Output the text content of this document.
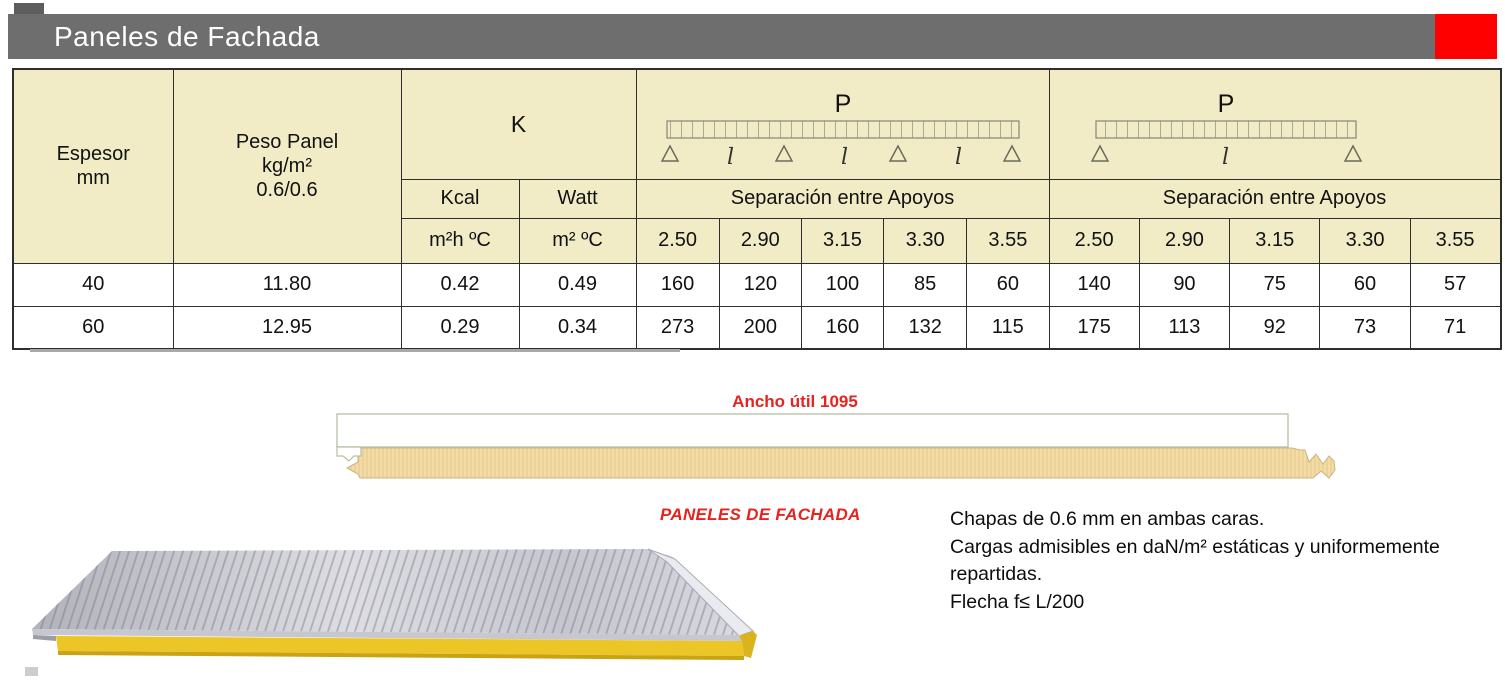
Paneles de Fachada
Espesor
mm

Peso Panel
kg/m²
0.6/0.6
	K	
P
l	l	l

P
l

		Kcal	Watt	Separación entre Apoyos					Separación entre Apoyos				
		m²h ºC	m² ºC	2.50	2.90	3.15	3.30	3.55	2.50	2.90	3.15	3.30	3.55
40	11.80	0.42	0.49	160	120	100	85	60	140	90	75	60	57
60	12.95	0.29	0.34	273	200	160	132	115	175	113	92	73	71
Ancho útil 1095
PANELES DE FACHADA	Chapas de 0.6 mm en ambas caras.
Cargas admisibles en daN/m² estáticas y uniformemente
repartidas.
Flecha f≤ L/200
